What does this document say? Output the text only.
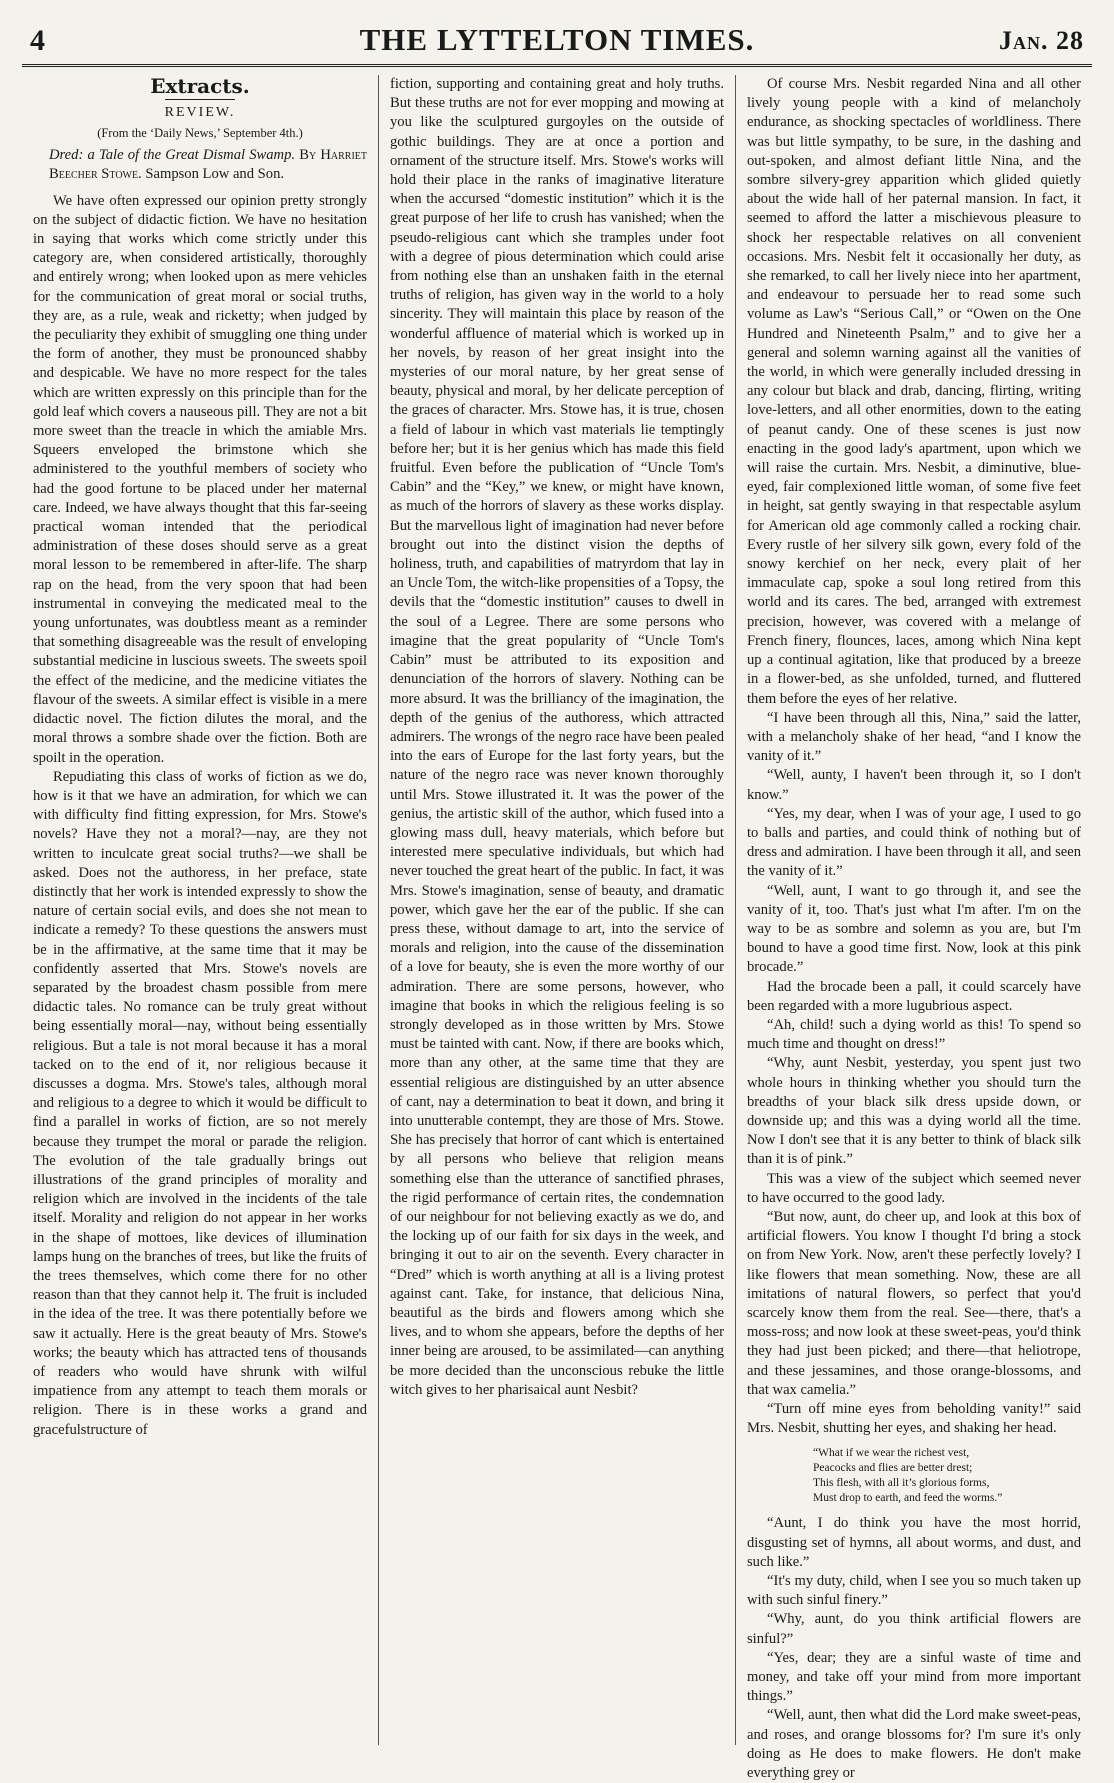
4	THE LYTTELTON TIMES.	Jan. 28
Extracts.
REVIEW.
(From the ‘Daily News,’ September 4th.)
Dred: a Tale of the Great Dismal Swamp. By Harriet Beecher Stowe. Sampson Low and Son.

We have often expressed our opinion pretty strongly on the subject of didactic fiction. We have no hesitation in saying that works which come strictly under this category are, when considered artistically, thoroughly and entirely wrong; when looked upon as mere vehicles for the communication of great moral or social truths, they are, as a rule, weak and ricketty; when judged by the peculiarity they exhibit of smuggling one thing under the form of another, they must be pronounced shabby and despicable. We have no more respect for the tales which are written expressly on this principle than for the gold leaf which covers a nauseous pill. They are not a bit more sweet than the treacle in which the amiable Mrs. Squeers enveloped the brimstone which she administered to the youthful members of society who had the good fortune to be placed under her maternal care. Indeed, we have always thought that this far-seeing practical woman intended that the periodical administration of these doses should serve as a great moral lesson to be remembered in after-life. The sharp rap on the head, from the very spoon that had been instrumental in conveying the medicated meal to the young unfortunates, was doubtless meant as a reminder that something disagreeable was the result of enveloping substantial medicine in luscious sweets. The sweets spoil the effect of the medicine, and the medicine vitiates the flavour of the sweets. A similar effect is visible in a mere didactic novel. The fiction dilutes the moral, and the moral throws a sombre shade over the fiction. Both are spoilt in the operation.

Repudiating this class of works of fiction as we do, how is it that we have an admiration, for which we can with difficulty find fitting expression, for Mrs. Stowe's novels? Have they not a moral?—nay, are they not written to inculcate great social truths?—we shall be asked. Does not the authoress, in her preface, state distinctly that her work is intended expressly to show the nature of certain social evils, and does she not mean to indicate a remedy? To these questions the answers must be in the affirmative, at the same time that it may be confidently asserted that Mrs. Stowe's novels are separated by the broadest chasm possible from mere didactic tales. No romance can be truly great without being essentially moral—nay, without being essentially religious. But a tale is not moral because it has a moral tacked on to the end of it, nor religious because it discusses a dogma. Mrs. Stowe's tales, although moral and religious to a degree to which it would be difficult to find a parallel in works of fiction, are so not merely because they trumpet the moral or parade the religion. The evolution of the tale gradually brings out illustrations of the grand principles of morality and religion which are involved in the incidents of the tale itself. Morality and religion do not appear in her works in the shape of mottoes, like devices of illumination lamps hung on the branches of trees, but like the fruits of the trees themselves, which come there for no other reason than that they cannot help it. The fruit is included in the idea of the tree. It was there potentially before we saw it actually. Here is the great beauty of Mrs. Stowe's works; the beauty which has attracted tens of thousands of readers who would have shrunk with wilful impatience from any attempt to teach them morals or religion. There is in these works a grand and gracefulstructure of

fiction, supporting and containing great and holy truths. But these truths are not for ever mopping and mowing at you like the sculptured gurgoyles on the outside of gothic buildings. They are at once a portion and ornament of the structure itself. Mrs. Stowe's works will hold their place in the ranks of imaginative literature when the accursed “domestic institution” which it is the great purpose of her life to crush has vanished; when the pseudo-religious cant which she tramples under foot with a degree of pious determination which could arise from nothing else than an unshaken faith in the eternal truths of religion, has given way in the world to a holy sincerity. They will maintain this place by reason of the wonderful affluence of material which is worked up in her novels, by reason of her great insight into the mysteries of our moral nature, by her great sense of beauty, physical and moral, by her delicate perception of the graces of character. Mrs. Stowe has, it is true, chosen a field of labour in which vast materials lie temptingly before her; but it is her genius which has made this field fruitful. Even before the publication of “Uncle Tom's Cabin” and the “Key,” we knew, or might have known, as much of the horrors of slavery as these works display. But the marvellous light of imagination had never before brought out into the distinct vision the depths of holiness, truth, and capabilities of matryrdom that lay in an Uncle Tom, the witch-like propensities of a Topsy, the devils that the “domestic institution” causes to dwell in the soul of a Legree. There are some persons who imagine that the great popularity of “Uncle Tom's Cabin” must be attributed to its exposition and denunciation of the horrors of slavery. Nothing can be more absurd. It was the brilliancy of the imagination, the depth of the genius of the authoress, which attracted admirers. The wrongs of the negro race have been pealed into the ears of Europe for the last forty years, but the nature of the negro race was never known thoroughly until Mrs. Stowe illustrated it. It was the power of the genius, the artistic skill of the author, which fused into a glowing mass dull, heavy materials, which before but interested mere speculative individuals, but which had never touched the great heart of the public. In fact, it was Mrs. Stowe's imagination, sense of beauty, and dramatic power, which gave her the ear of the public. If she can press these, without damage to art, into the service of morals and religion, into the cause of the dissemination of a love for beauty, she is even the more worthy of our admiration. There are some persons, however, who imagine that books in which the religious feeling is so strongly developed as in those written by Mrs. Stowe must be tainted with cant. Now, if there are books which, more than any other, at the same time that they are essential religious are distinguished by an utter absence of cant, nay a determination to beat it down, and bring it into unutterable contempt, they are those of Mrs. Stowe. She has precisely that horror of cant which is entertained by all persons who believe that religion means something else than the utterance of sanctified phrases, the rigid performance of certain rites, the condemnation of our neighbour for not believing exactly as we do, and the locking up of our faith for six days in the week, and bringing it out to air on the seventh. Every character in “Dred” which is worth anything at all is a living protest against cant. Take, for instance, that delicious Nina, beautiful as the birds and flowers among which she lives, and to whom she appears, before the depths of her inner being are aroused, to be assimilated—can anything be more decided than the unconscious rebuke the little witch gives to her pharisaical aunt Nesbit?

Of course Mrs. Nesbit regarded Nina and all other lively young people with a kind of melancholy endurance, as shocking spectacles of worldliness. There was but little sympathy, to be sure, in the dashing and out-spoken, and almost defiant little Nina, and the sombre silvery-grey apparition which glided quietly about the wide hall of her paternal mansion. In fact, it seemed to afford the latter a mischievous pleasure to shock her respectable relatives on all convenient occasions. Mrs. Nesbit felt it occasionally her duty, as she remarked, to call her lively niece into her apartment, and endeavour to persuade her to read some such volume as Law's “Serious Call,” or “Owen on the One Hundred and Nineteenth Psalm,” and to give her a general and solemn warning against all the vanities of the world, in which were generally included dressing in any colour but black and drab, dancing, flirting, writing love-letters, and all other enormities, down to the eating of peanut candy. One of these scenes is just now enacting in the good lady's apartment, upon which we will raise the curtain. Mrs. Nesbit, a diminutive, blue-eyed, fair complexioned little woman, of some five feet in height, sat gently swaying in that respectable asylum for American old age commonly called a rocking chair. Every rustle of her silvery silk gown, every fold of the snowy kerchief on her neck, every plait of her immaculate cap, spoke a soul long retired from this world and its cares. The bed, arranged with extremest precision, however, was covered with a melange of French finery, flounces, laces, among which Nina kept up a continual agitation, like that produced by a breeze in a flower-bed, as she unfolded, turned, and fluttered them before the eyes of her relative.

“I have been through all this, Nina,” said the latter, with a melancholy shake of her head, “and I know the vanity of it.”

“Well, aunty, I haven't been through it, so I don't know.”

“Yes, my dear, when I was of your age, I used to go to balls and parties, and could think of nothing but of dress and admiration. I have been through it all, and seen the vanity of it.”

“Well, aunt, I want to go through it, and see the vanity of it, too. That's just what I'm after. I'm on the way to be as sombre and solemn as you are, but I'm bound to have a good time first. Now, look at this pink brocade.”

Had the brocade been a pall, it could scarcely have been regarded with a more lugubrious aspect.

“Ah, child! such a dying world as this! To spend so much time and thought on dress!”

“Why, aunt Nesbit, yesterday, you spent just two whole hours in thinking whether you should turn the breadths of your black silk dress upside down, or downside up; and this was a dying world all the time. Now I don't see that it is any better to think of black silk than it is of pink.”

This was a view of the subject which seemed never to have occurred to the good lady.

“But now, aunt, do cheer up, and look at this box of artificial flowers. You know I thought I'd bring a stock on from New York. Now, aren't these perfectly lovely? I like flowers that mean something. Now, these are all imitations of natural flowers, so perfect that you'd scarcely know them from the real. See—there, that's a moss-ross; and now look at these sweet-peas, you'd think they had just been picked; and there—that heliotrope, and these jessamines, and those orange-blossoms, and that wax camelia.”

“Turn off mine eyes from beholding vanity!” said Mrs. Nesbit, shutting her eyes, and shaking her head.

“What if we wear the richest vest,
Peacocks and flies are better drest;
This flesh, with all it’s glorious forms,
Must drop to earth, and feed the worms.”

“Aunt, I do think you have the most horrid, disgusting set of hymns, all about worms, and dust, and such like.”

“It's my duty, child, when I see you so much taken up with such sinful finery.”

“Why, aunt, do you think artificial flowers are sinful?”

“Yes, dear; they are a sinful waste of time and money, and take off your mind from more important things.”

“Well, aunt, then what did the Lord make sweet-peas, and roses, and orange blossoms for? I'm sure it's only doing as He does to make flowers. He don't make everything grey or
